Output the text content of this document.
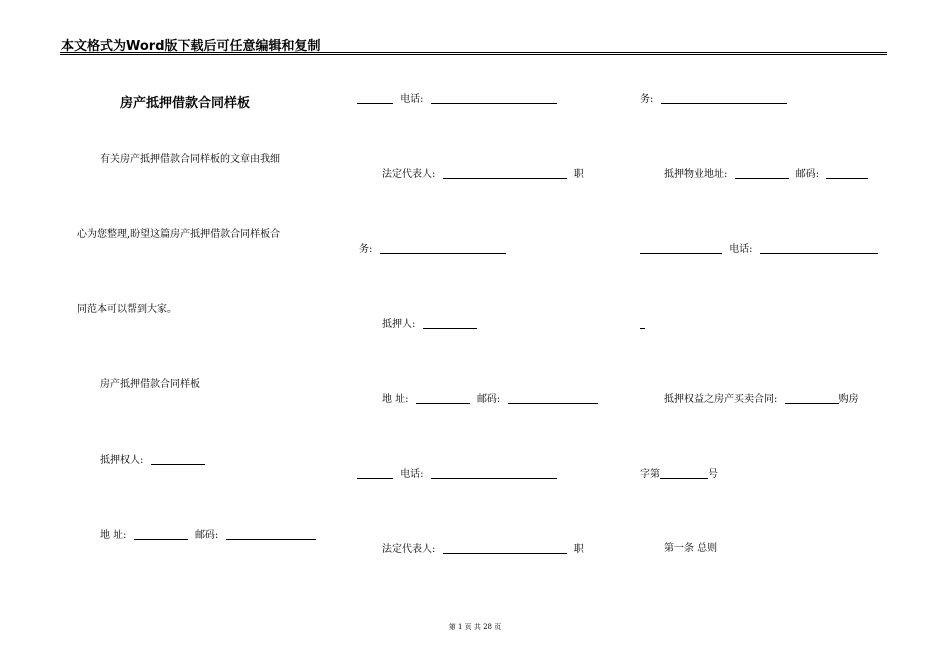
本文格式为Word版下载后可任意编辑和复制
房产抵押借款合同样板
有关房产抵押借款合同样板的文章由我细
心为您整理,盼望这篇房产抵押借款合同样板合
同范本可以帮到大家。
房产抵押借款合同样板
抵押权人:
地 址:	邮码:
电话:
法定代表人:	职
务:
抵押人:
地 址:	邮码:
电话:
法定代表人:	职
务:
抵押物业地址:	邮码:
电话:
抵押权益之房产买卖合同:	购房
字第	号
第一条 总则
第 1 页 共 28 页
